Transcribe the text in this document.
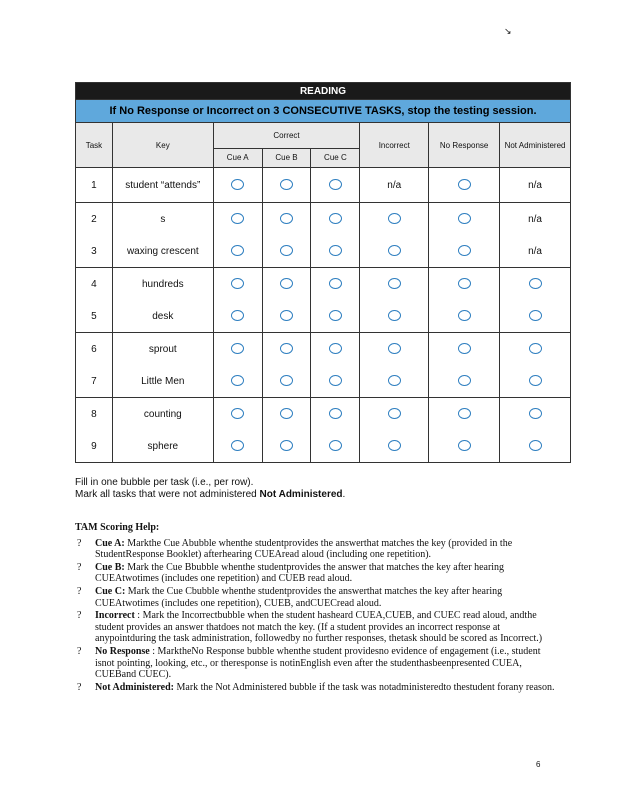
↘
READING							
If No Response or Incorrect on 3 CONSECUTIVE TASKS, stop the testing session.							
Task	Key	Correct			Incorrect	No Response	Not Administered
		Cue A	Cue B	Cue C			
1	student “attends”				n/a		n/a
2	s						n/a
3	waxing crescent						n/a
4	hundreds						
5	desk						
6	sprout						
7	Little Men						
8	counting						
9	sphere						
Fill in one bubble per task (i.e., per row).
Mark all tasks that were not administered Not Administered.
TAM Scoring Help:
? Cue A: Markthe Cue Abubble whenthe studentprovides the answerthat matches the key (provided in the StudentResponse Booklet) afterhearing CUEAread aloud (including one repetition).
? Cue B: Mark the Cue Bbubble whenthe studentprovides the answer that matches the key after hearing CUEAtwotimes (includes one repetition) and CUEB read aloud.
? Cue C: Mark the Cue Cbubble whenthe studentprovides the answerthat matches the key after hearing CUEAtwotimes (includes one repetition), CUEB, andCUECread aloud.
? Incorrect : Mark the Incorrectbubble when the student hasheard CUEA,CUEB, and CUEC read aloud, andthe student provides an answer thatdoes not match the key. (If a student provides an incorrect response at anypointduring the task administration, followedby no further responses, thetask should be scored as Incorrect.)
? No Response : MarktheNo Response bubble whenthe student providesno evidence of engagement (i.e., student isnot pointing, looking, etc., or theresponse is notinEnglish even after the studenthasbeenpresented CUEA, CUEBand CUEC).
? Not Administered: Mark the Not Administered bubble if the task was notadministeredto thestudent forany reason.
6
